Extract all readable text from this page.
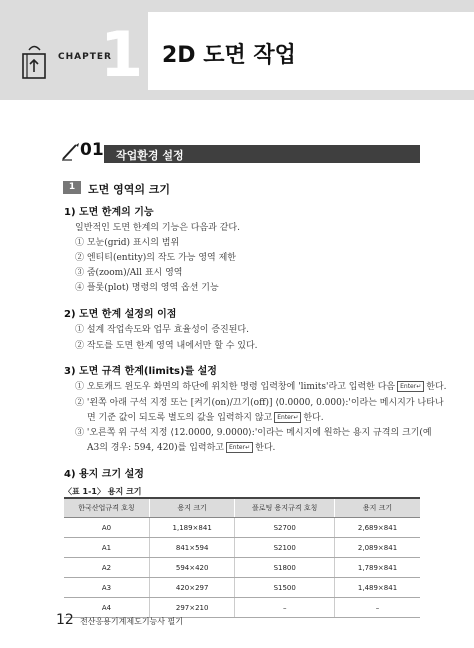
CHAPTER
1 2D 도면 작업
01 작업환경 설정
1	도면 영역의 크기
1) 도면 한계의 기능
일반적인 도면 한계의 기능은 다음과 같다.
① 모눈(grid) 표시의 범위
② 엔티티(entity)의 작도 가능 영역 제한
③ 줌(zoom)/All 표시 영역
④ 플롯(plot) 명령의 영역 옵션 기능
2) 도면 한계 설정의 이점
① 설계 작업속도와 업무 효율성이 증진된다.
② 작도를 도면 한계 영역 내에서만 할 수 있다.
3) 도면 규격 한계(limits)를 설정
① 오토캐드 윈도우 화면의 하단에 위치한 명령 입력창에 'limits'라고 입력한 다음 Enter↵ 한다.
② '왼쪽 아래 구석 지정 또는 [켜기(on)/끄기(off)] ⟨0.0000, 0.000⟩:'이라는 메시지가 나타나
면 기준 값이 되도록 별도의 값을 입력하지 않고 Enter↵ 한다.
③ '오른쪽 위 구석 지정 ⟨12.0000, 9.0000⟩:'이라는 메시지에 원하는 용지 규격의 크기(예
A3의 경우: 594, 420)를 입력하고 Enter↵ 한다.
4) 용지 크기 설정
〈표 1-1〉 용지 크기
한국산업규격 호칭	용지 크기	플로팅 용지규격 호칭	용지 크기
A0	1,189×841	S2700	2,689×841
A1	841×594	S2100	2,089×841
A2	594×420	S1800	1,789×841
A3	420×297	S1500	1,489×841
A4	297×210	–	–
12 전산응용기계제도기능사 필기
